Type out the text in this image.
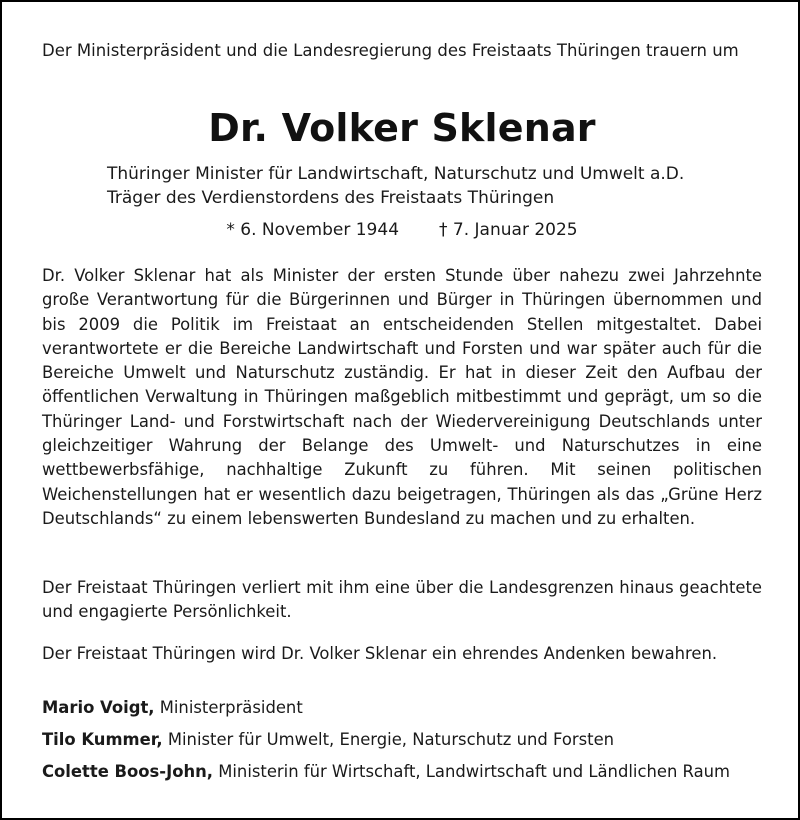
Der Ministerpräsident und die Landesregierung des Freistaats Thüringen trauern um
Dr. Volker Sklenar
Thüringer Minister für Landwirtschaft, Naturschutz und Umwelt a.D.
Träger des Verdienstordens des Freistaats Thüringen
* 6. November 1944 † 7. Januar 2025
Dr. Volker Sklenar hat als Minister der ersten Stunde über nahezu zwei Jahrzehnte große Verantwortung für die Bürgerinnen und Bürger in Thüringen übernommen und bis 2009 die Politik im Freistaat an entscheidenden Stellen mitgestaltet. Dabei verantwortete er die Bereiche Landwirtschaft und Forsten und war später auch für die Bereiche Umwelt und Naturschutz zuständig. Er hat in dieser Zeit den Aufbau der öffentlichen Verwaltung in Thüringen maßgeblich mitbestimmt und geprägt, um so die Thüringer Land- und Forstwirtschaft nach der Wiedervereinigung Deutschlands unter gleichzeitiger Wahrung der Belange des Umwelt- und Naturschutzes in eine wettbewerbsfähige, nachhaltige Zukunft zu führen. Mit seinen politischen Weichenstellungen hat er wesentlich dazu beigetragen, Thüringen als das „Grüne Herz Deutschlands“ zu einem lebenswerten Bundesland zu machen und zu erhalten.
Der Freistaat Thüringen verliert mit ihm eine über die Landesgrenzen hinaus geachtete und engagierte Persönlichkeit.
Der Freistaat Thüringen wird Dr. Volker Sklenar ein ehrendes Andenken bewahren.
Mario Voigt, Ministerpräsident
Tilo Kummer, Minister für Umwelt, Energie, Naturschutz und Forsten
Colette Boos-John, Ministerin für Wirtschaft, Landwirtschaft und Ländlichen Raum
